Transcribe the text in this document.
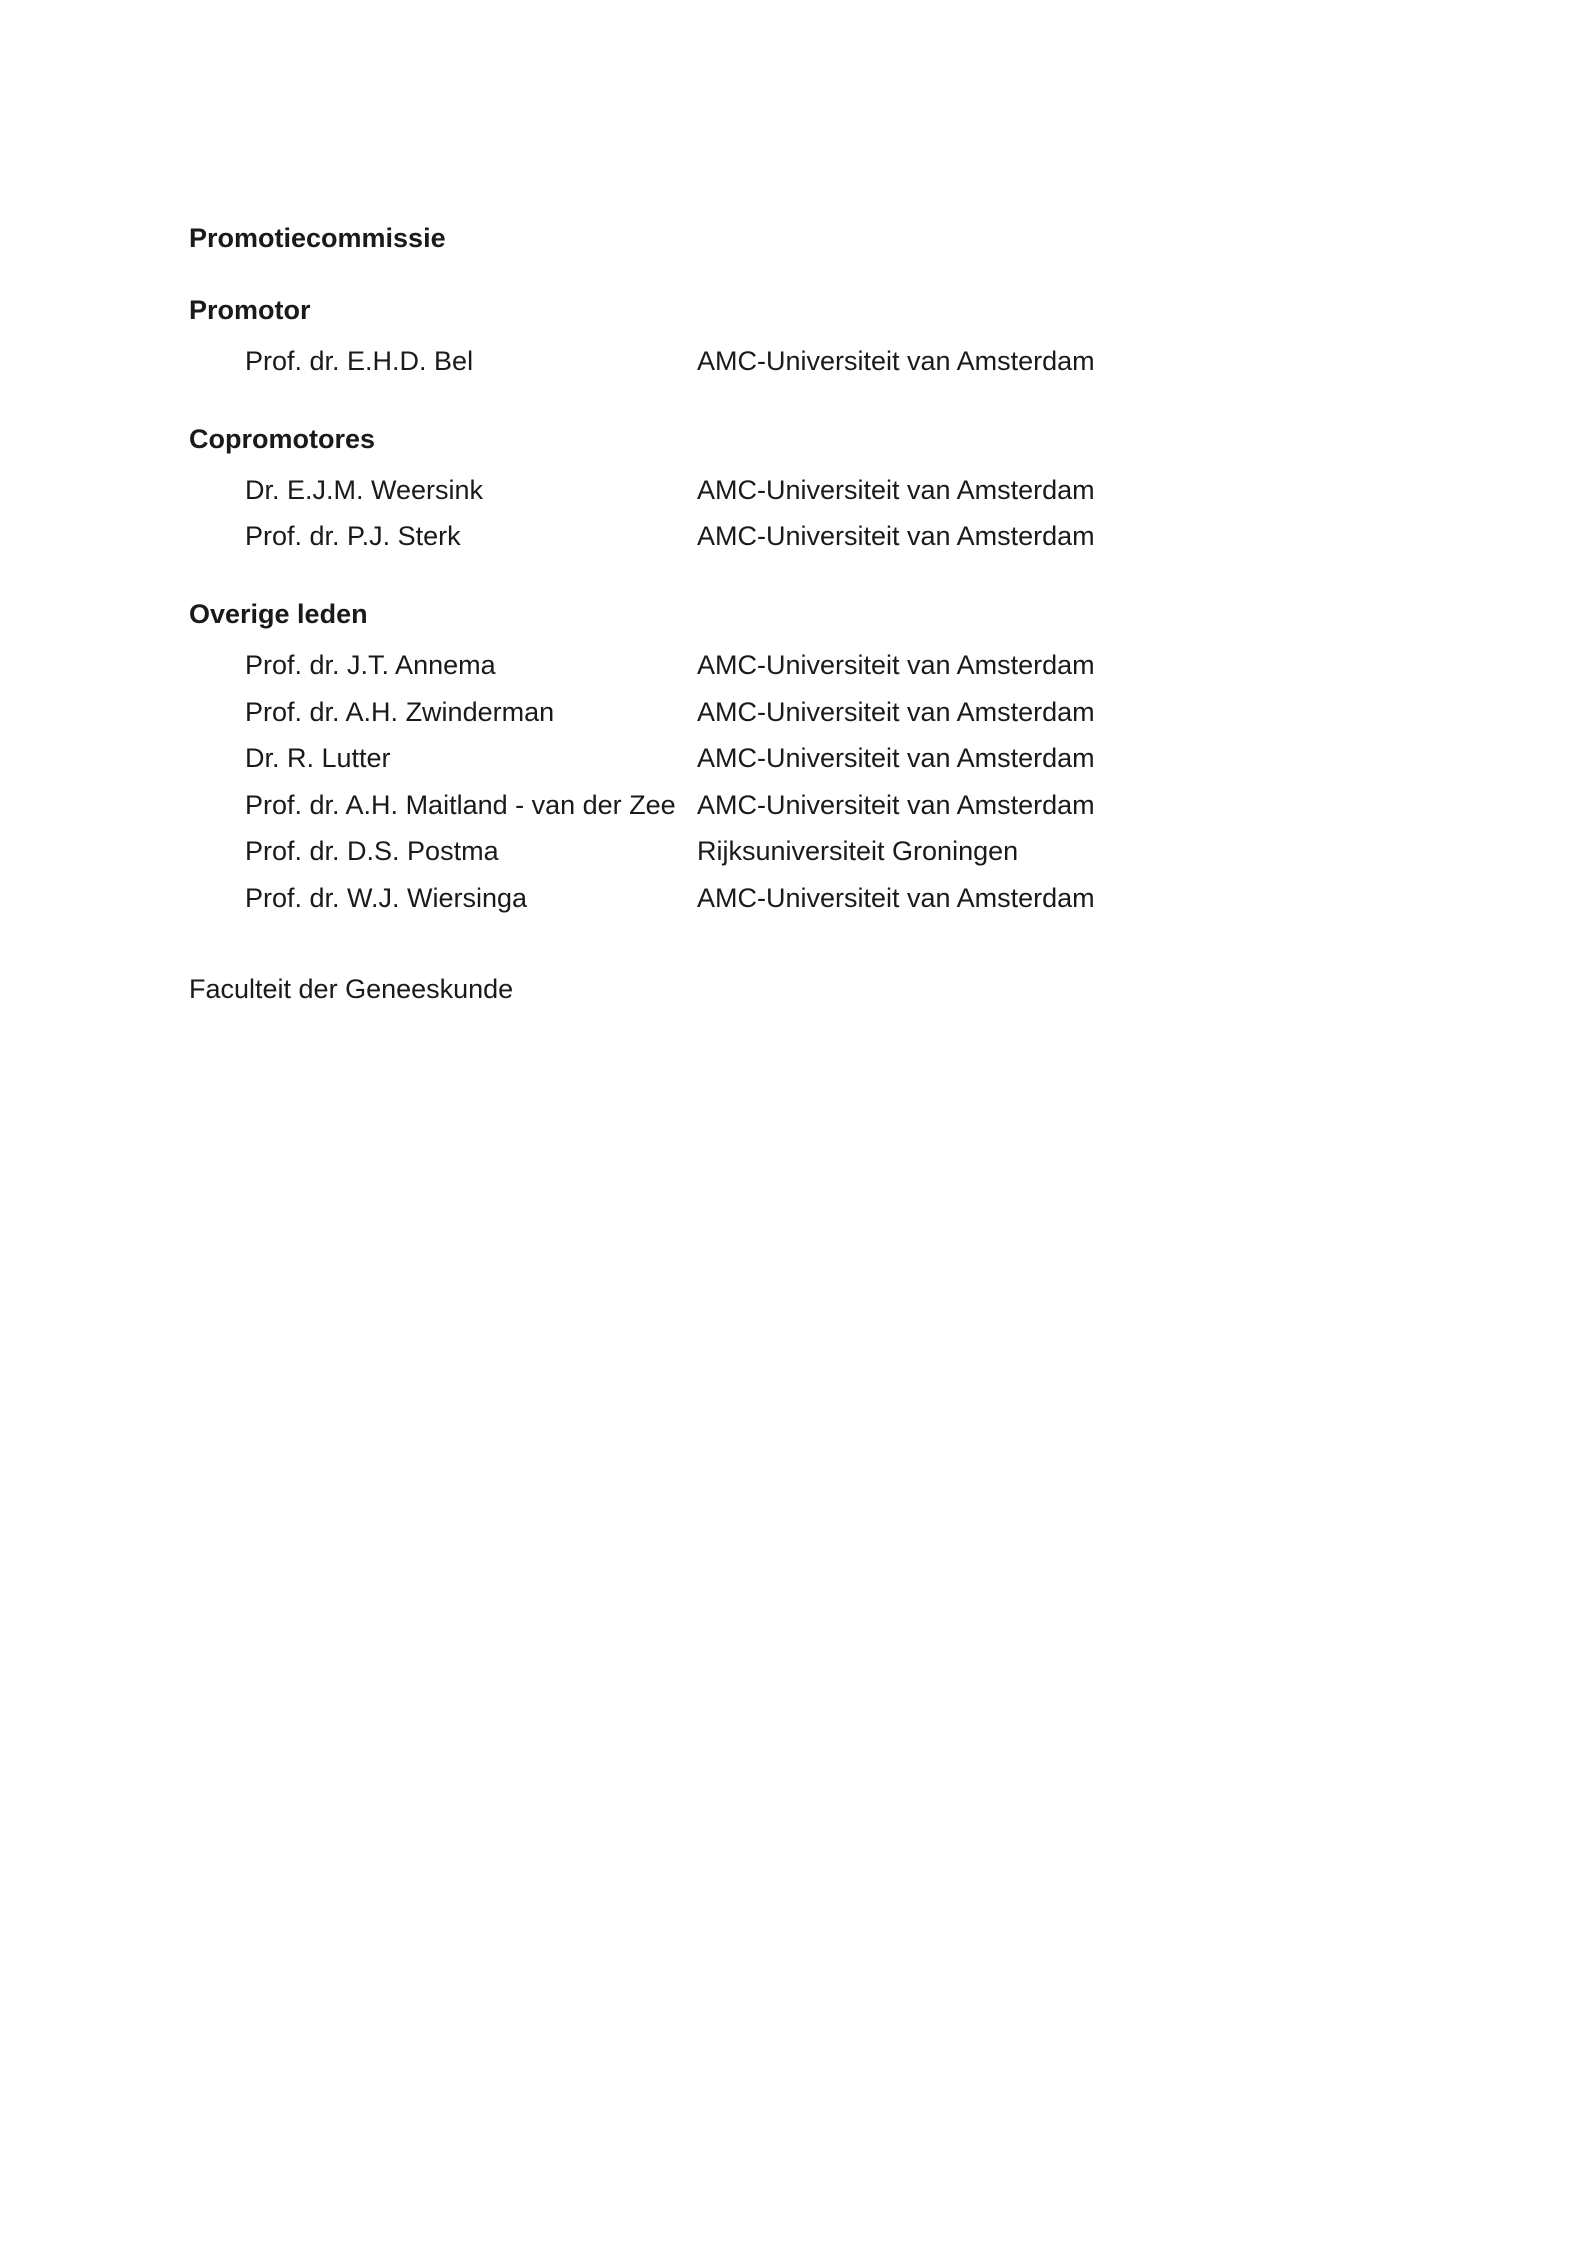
Promotiecommissie
Promotor
Prof. dr. E.H.D. Bel	AMC-Universiteit van Amsterdam
Copromotores
Dr. E.J.M. Weersink	AMC-Universiteit van Amsterdam
Prof. dr. P.J. Sterk	AMC-Universiteit van Amsterdam
Overige leden
Prof. dr. J.T. Annema	AMC-Universiteit van Amsterdam
Prof. dr. A.H. Zwinderman	AMC-Universiteit van Amsterdam
Dr. R. Lutter	AMC-Universiteit van Amsterdam
Prof. dr. A.H. Maitland - van der Zee AMC-Universiteit van Amsterdam
Prof. dr. D.S. Postma	Rijksuniversiteit Groningen
Prof. dr. W.J. Wiersinga	AMC-Universiteit van Amsterdam
Faculteit der Geneeskunde
